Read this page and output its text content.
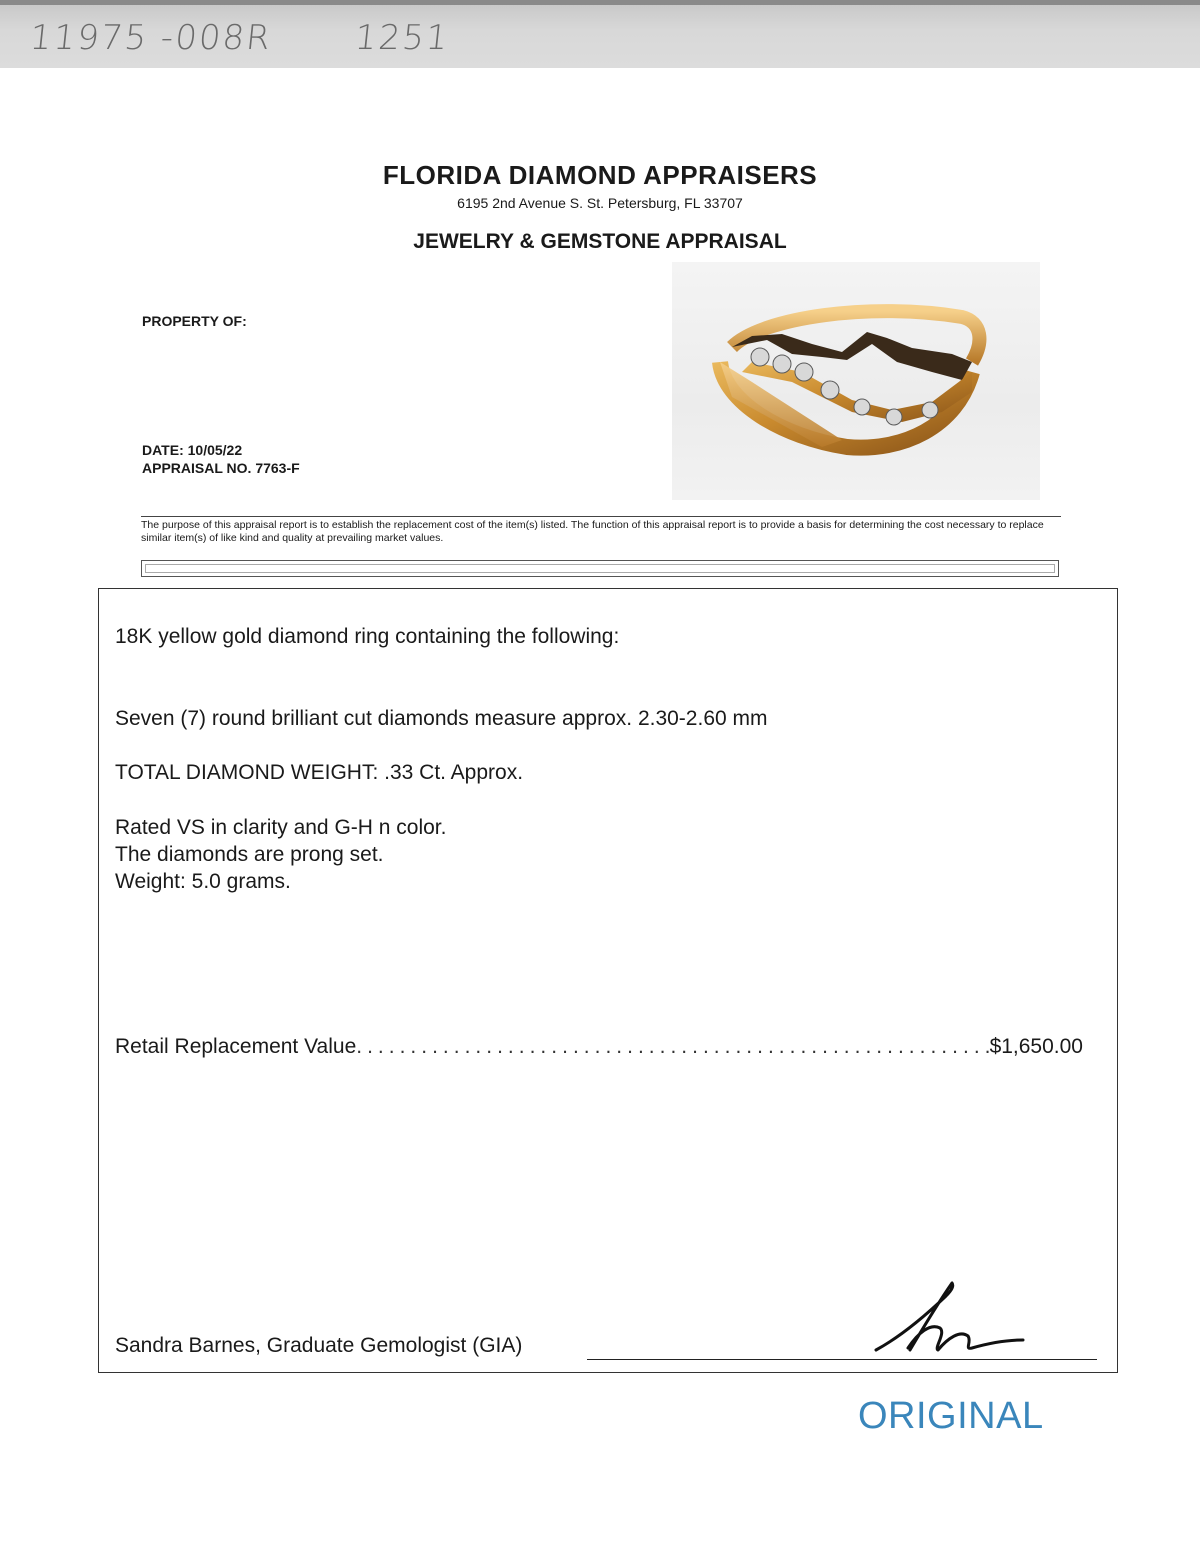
11975 -008R 1251
FLORIDA DIAMOND APPRAISERS
6195 2nd Avenue S. St. Petersburg, FL 33707
JEWELRY & GEMSTONE APPRAISAL
PROPERTY OF:
DATE: 10/05/22
APPRAISAL NO. 7763-F
The purpose of this appraisal report is to establish the replacement cost of the item(s) listed. The function of this appraisal report is to provide a basis for determining the cost necessary to replace similar item(s) of like kind and quality at prevailing market values.
18K yellow gold diamond ring containing the following:
Seven (7) round brilliant cut diamonds measure approx. 2.30-2.60 mm
TOTAL DIAMOND WEIGHT: .33 Ct. Approx.
Rated VS in clarity and G-H n color.
The diamonds are prong set.
Weight: 5.0 grams.
Retail Replacement Value
.....	$1,650.00
Sandra Barnes, Graduate Gemologist (GIA)
ORIGINAL
